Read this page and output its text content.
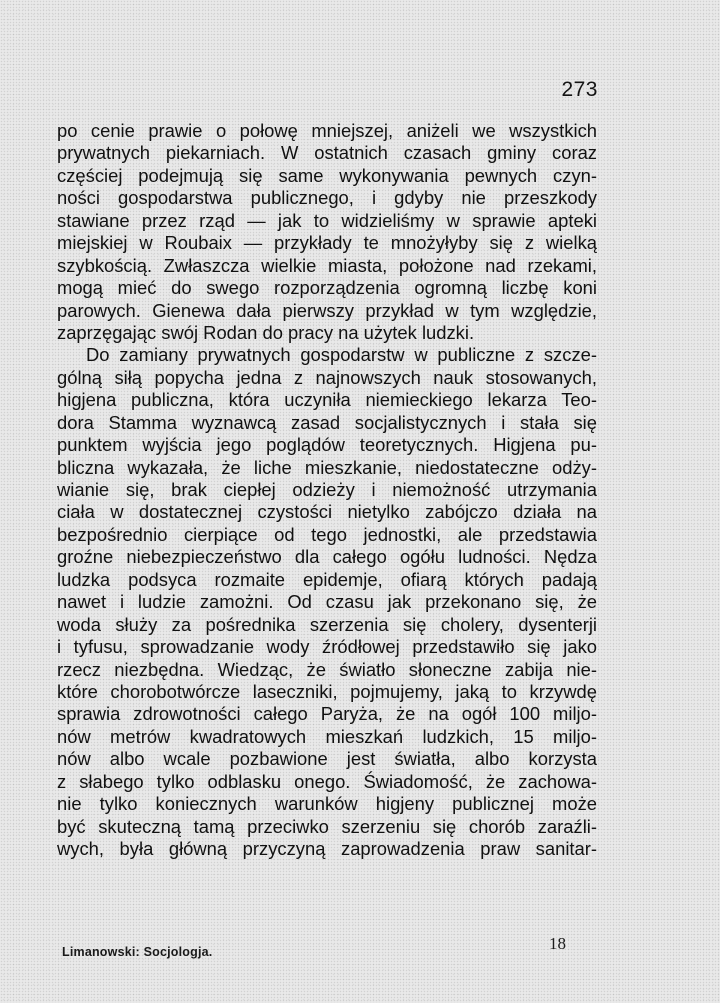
273
po cenie prawie o połowę mniejszej, aniżeli we wszystkich
prywatnych piekarniach. W ostatnich czasach gminy coraz
częściej podejmują się same wykonywania pewnych czyn-
ności gospodarstwa publicznego, i gdyby nie przeszkody
stawiane przez rząd — jak to widzieliśmy w sprawie apteki
miejskiej w Roubaix — przykłady te mnożyłyby się z wielką
szybkością. Zwłaszcza wielkie miasta, położone nad rzekami,
mogą mieć do swego rozporządzenia ogromną liczbę koni
parowych. Gienewa dała pierwszy przykład w tym względzie,
zaprzęgając swój Rodan do pracy na użytek ludzki.
Do zamiany prywatnych gospodarstw w publiczne z szcze-
gólną siłą popycha jedna z najnowszych nauk stosowanych,
higjena publiczna, która uczyniła niemieckiego lekarza Teo-
dora Stamma wyznawcą zasad socjalistycznych i stała się
punktem wyjścia jego poglądów teoretycznych. Higjena pu-
bliczna wykazała, że liche mieszkanie, niedostateczne odży-
wianie się, brak ciepłej odzieży i niemożność utrzymania
ciała w dostatecznej czystości nietylko zabójczo działa na
bezpośrednio cierpiące od tego jednostki, ale przedstawia
groźne niebezpieczeństwo dla całego ogółu ludności. Nędza
ludzka podsyca rozmaite epidemje, ofiarą których padają
nawet i ludzie zamożni. Od czasu jak przekonano się, że
woda służy za pośrednika szerzenia się cholery, dysenterji
i tyfusu, sprowadzanie wody źródłowej przedstawiło się jako
rzecz niezbędna. Wiedząc, że światło słoneczne zabija nie-
które chorobotwórcze laseczniki, pojmujemy, jaką to krzywdę
sprawia zdrowotności całego Paryża, że na ogół 100 miljo-
nów metrów kwadratowych mieszkań ludzkich, 15 miljo-
nów albo wcale pozbawione jest światła, albo korzysta
z słabego tylko odblasku onego. Świadomość, że zachowa-
nie tylko koniecznych warunków higjeny publicznej może
być skuteczną tamą przeciwko szerzeniu się chorób zaraźli-
wych, była główną przyczyną zaprowadzenia praw sanitar-
Limanowski: Socjologja.	18
